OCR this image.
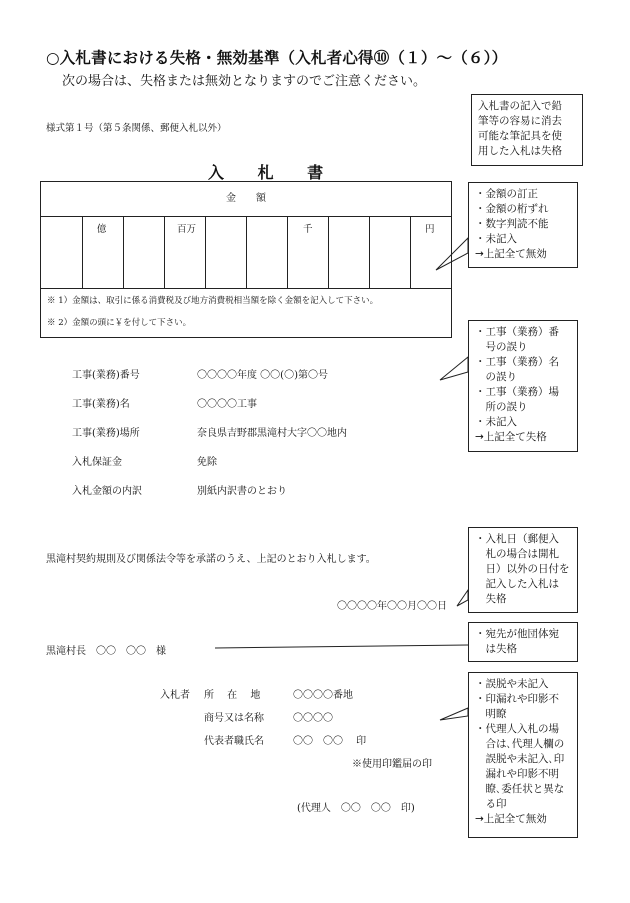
○入札書における失格・無効基準（入札者心得⑩（１）～（６））
次の場合は、失格または無効となりますのでご注意ください。
様式第１号（第５条関係、郵便入札以外）
入 札 書
金　　額
億	百万	千	円
※ 1）金額は、取引に係る消費税及び地方消費税相当額を除く金額を記入して下さい。
※ 2）金額の頭に￥を付して下さい。
工事(業務)番号	〇〇〇〇年度 〇〇(〇)第〇号
工事(業務)名	〇〇〇〇工事
工事(業務)場所	奈良県吉野郡黒滝村大字〇〇地内
入札保証金	免除
入札金額の内訳	別紙内訳書のとおり
黒滝村契約規則及び関係法令等を承諾のうえ、上記のとおり入札します。
〇〇〇〇年〇〇月〇〇日
黒滝村長　〇〇　〇〇　様
入札者 所　 在　 地	〇〇〇〇番地
商号又は名称	〇〇〇〇
代表者職氏名	〇〇　〇〇　 印
※使用印鑑届の印
(代理人　〇〇　〇〇　印)
入札書の記入で鉛
筆等の容易に消去
可能な筆記具を使
用した入札は失格
・金額の訂正
・金額の桁ずれ
・数字判読不能
・未記入
→上記全て無効
・工事（業務）番
　号の誤り
・工事（業務）名
　の誤り
・工事（業務）場
　所の誤り
・未記入
→上記全て失格
・入札日（郵便入
　札の場合は開札
　日）以外の日付を
　記入した入札は
　失格
・宛先が他団体宛
　は失格
・誤脱や未記入
・印漏れや印影不
　明瞭
・代理人入札の場
　合は､代理人欄の
　誤脱や未記入､印
　漏れや印影不明
　瞭､委任状と異な
　る印
→上記全て無効
